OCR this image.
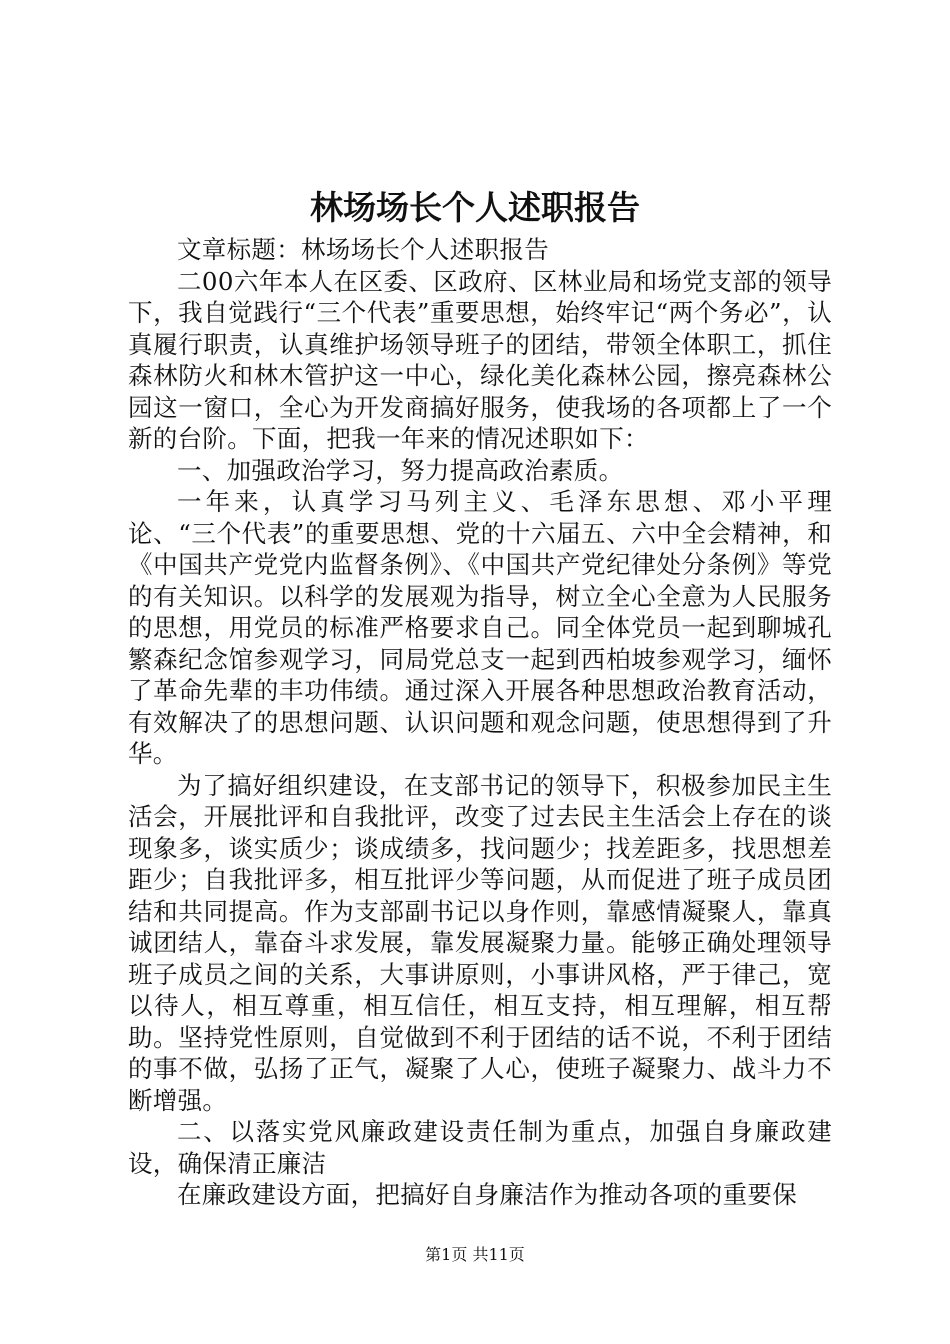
林场场长个人述职报告

文章标题：林场场长个人述职报告

二00六年本人在区委、区政府、区林业局和场党支部的领导下，我自觉践行“三个代表”重要思想，始终牢记“两个务必”，认真履行职责，认真维护场领导班子的团结，带领全体职工，抓住森林防火和林木管护这一中心，绿化美化森林公园，擦亮森林公园这一窗口，全心为开发商搞好服务，使我场的各项都上了一个新的台阶。下面，把我一年来的情况述职如下：

一、加强政治学习，努力提高政治素质。

一年来，认真学习马列主义、毛泽东思想、邓小平理论、“三个代表”的重要思想、党的十六届五、六中全会精神，和《中国共产党党内监督条例》、《中国共产党纪律处分条例》等党的有关知识。以科学的发展观为指导，树立全心全意为人民服务的思想，用党员的标准严格要求自己。同全体党员一起到聊城孔繁森纪念馆参观学习，同局党总支一起到西柏坡参观学习，缅怀了革命先辈的丰功伟绩。通过深入开展各种思想政治教育活动，有效解决了的思想问题、认识问题和观念问题，使思想得到了升华。

为了搞好组织建设，在支部书记的领导下，积极参加民主生活会，开展批评和自我批评，改变了过去民主生活会上存在的谈现象多，谈实质少；谈成绩多，找问题少；找差距多，找思想差距少；自我批评多，相互批评少等问题，从而促进了班子成员团结和共同提高。作为支部副书记以身作则，靠感情凝聚人，靠真诚团结人，靠奋斗求发展，靠发展凝聚力量。能够正确处理领导班子成员之间的关系，大事讲原则，小事讲风格，严于律己，宽以待人，相互尊重，相互信任，相互支持，相互理解，相互帮助。坚持党性原则，自觉做到不利于团结的话不说，不利于团结的事不做，弘扬了正气，凝聚了人心，使班子凝聚力、战斗力不断增强。

二、以落实党风廉政建设责任制为重点，加强自身廉政建设，确保清正廉洁

在廉政建设方面，把搞好自身廉洁作为推动各项的重要保

第1页 共11页
